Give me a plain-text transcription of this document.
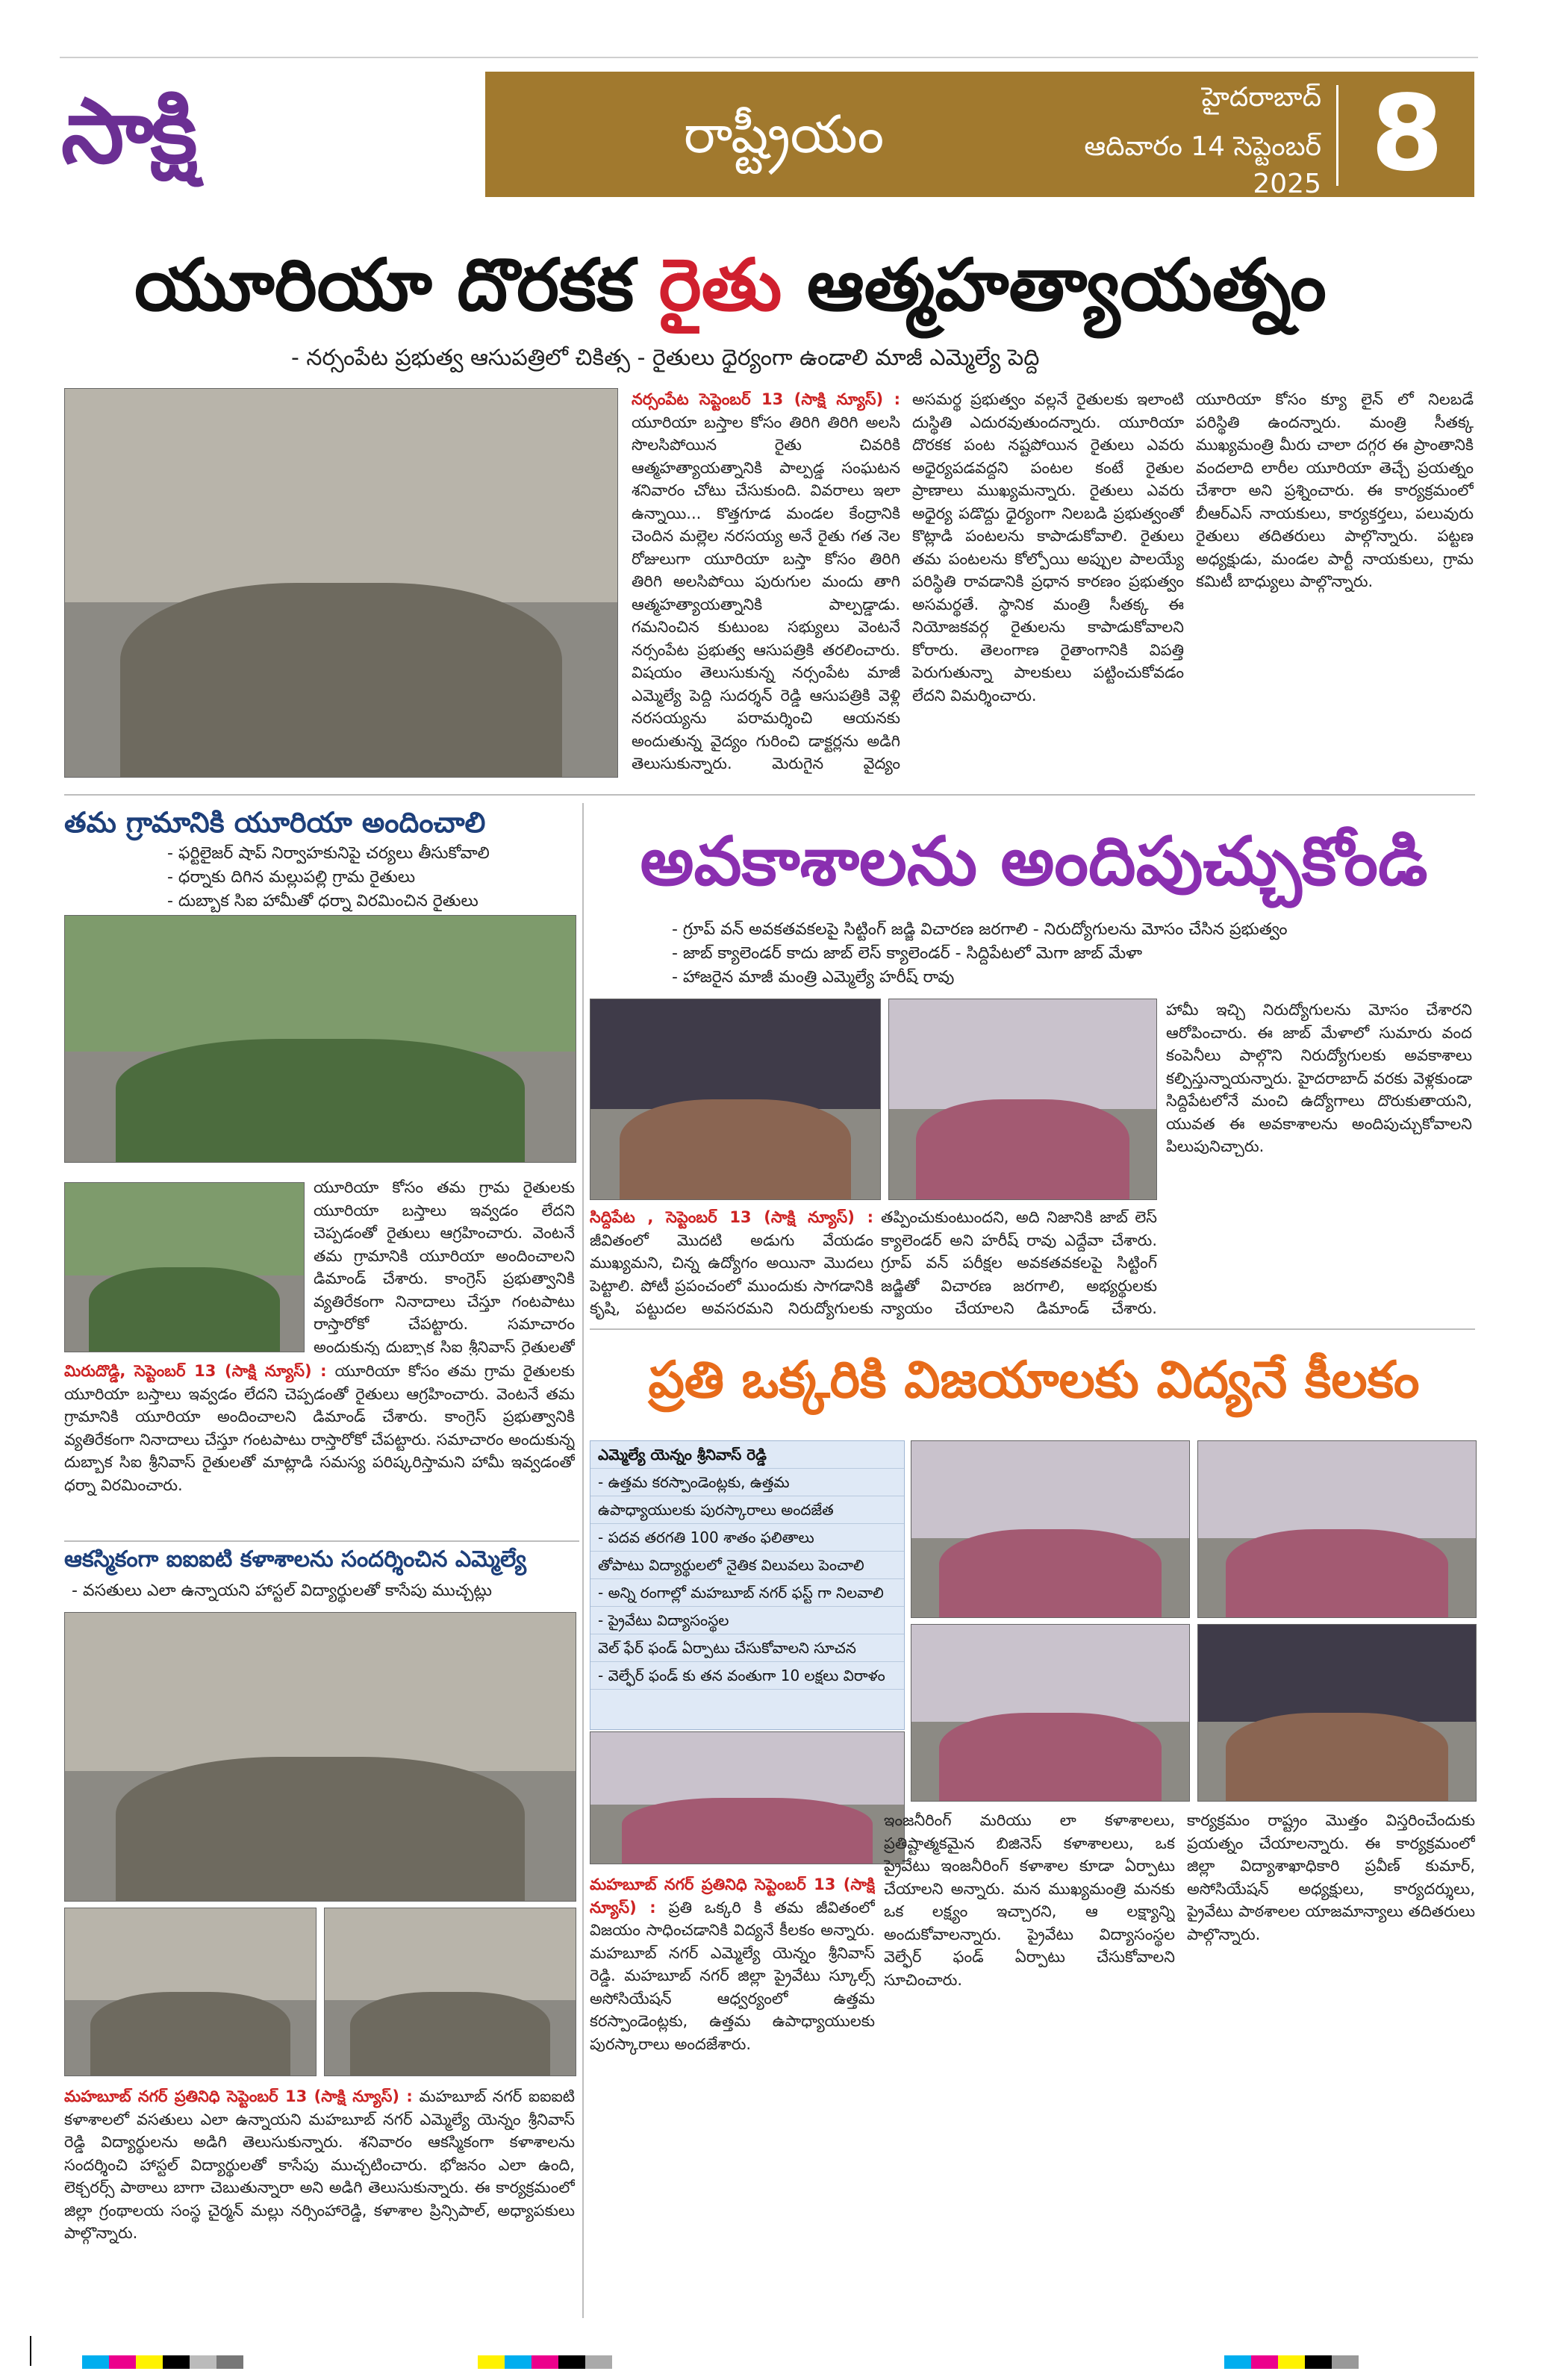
సాక్షి	రాష్ట్రీయం
హైదరాబాద్
ఆదివారం 14 సెప్టెంబర్ 2025 8
యూరియా దొరకక రైతు ఆత్మహత్యాయత్నం
- నర్సంపేట ప్రభుత్వ ఆసుపత్రిలో చికిత్స - రైతులు ధైర్యంగా ఉండాలి మాజీ ఎమ్మెల్యే పెద్ది
నర్సంపేట సెప్టెంబర్ 13 (సాక్షి న్యూస్) : యూరియా బస్తాల కోసం తిరిగి తిరిగి అలసి సొలసిపోయిన రైతు చివరికి ఆత్మహత్యాయత్నానికి పాల్పడ్డ సంఘటన శనివారం చోటు చేసుకుంది. వివరాలు ఇలా ఉన్నాయి... కొత్తగూడ మండల కేంద్రానికి చెందిన మల్లెల నరసయ్య అనే రైతు గత నెల రోజులుగా యూరియా బస్తా కోసం తిరిగి తిరిగి అలసిపోయి పురుగుల మందు తాగి ఆత్మహత్యాయత్నానికి పాల్పడ్డాడు. గమనించిన కుటుంబ సభ్యులు వెంటనే నర్సంపేట ప్రభుత్వ ఆసుపత్రికి తరలించారు. విషయం తెలుసుకున్న నర్సంపేట మాజీ ఎమ్మెల్యే పెద్ది సుదర్శన్ రెడ్డి ఆసుపత్రికి వెళ్లి నరసయ్యను పరామర్శించి ఆయనకు అందుతున్న వైద్యం గురించి డాక్టర్లను అడిగి తెలుసుకున్నారు. మెరుగైన వైద్యం
అసమర్థ ప్రభుత్వం వల్లనే రైతులకు ఇలాంటి దుస్థితి ఎదురవుతుందన్నారు. యూరియా దొరకక పంట నష్టపోయిన రైతులు ఎవరు అధైర్యపడవద్దని పంటల కంటే రైతుల ప్రాణాలు ముఖ్యమన్నారు. రైతులు ఎవరు అధైర్య పడొద్దు ధైర్యంగా నిలబడి ప్రభుత్వంతో కొట్లాడి పంటలను కాపాడుకోవాలి. రైతులు తమ పంటలను కోల్పోయి అప్పుల పాలయ్యే పరిస్థితి రావడానికి ప్రధాన కారణం ప్రభుత్వం అసమర్థతే. స్థానిక మంత్రి సీతక్క ఈ నియోజకవర్గ రైతులను కాపాడుకోవాలని కోరారు. తెలంగాణ రైతాంగానికి విపత్తి పెరుగుతున్నా పాలకులు పట్టించుకోవడం లేదని విమర్శించారు.
యూరియా కోసం క్యూ లైన్ లో నిలబడే పరిస్థితి ఉందన్నారు. మంత్రి సీతక్క ముఖ్యమంత్రి మీరు చాలా దగ్గర ఈ ప్రాంతానికి వందలాది లారీల యూరియా తెచ్చే ప్రయత్నం చేశారా అని ప్రశ్నించారు. ఈ కార్యక్రమంలో బీఆర్ఎస్ నాయకులు, కార్యకర్తలు, పలువురు రైతులు తదితరులు పాల్గొన్నారు. పట్టణ అధ్యక్షుడు, మండల పార్టీ నాయకులు, గ్రామ కమిటీ బాధ్యులు పాల్గొన్నారు.
తమ గ్రామానికి యూరియా అందించాలి
- ఫర్టిలైజర్ షాప్ నిర్వాహకునిపై చర్యలు తీసుకోవాలి
- ధర్నాకు దిగిన మల్లుపల్లి గ్రామ రైతులు
- దుబ్బాక సిఐ హామీతో ధర్నా విరమించిన రైతులు
యూరియా కోసం తమ గ్రామ రైతులకు యూరియా బస్తాలు ఇవ్వడం లేదని చెప్పడంతో రైతులు ఆగ్రహించారు. వెంటనే తమ గ్రామానికి యూరియా అందించాలని డిమాండ్ చేశారు. కాంగ్రెస్ ప్రభుత్వానికి వ్యతిరేకంగా నినాదాలు చేస్తూ గంటపాటు రాస్తారోకో చేపట్టారు. సమాచారం అందుకున్న దుబ్బాక సిఐ శ్రీనివాస్ రైతులతో
మిరుదొడ్డి, సెప్టెంబర్ 13 (సాక్షి న్యూస్) : యూరియా కోసం తమ గ్రామ రైతులకు యూరియా బస్తాలు ఇవ్వడం లేదని చెప్పడంతో రైతులు ఆగ్రహించారు. వెంటనే తమ గ్రామానికి యూరియా అందించాలని డిమాండ్ చేశారు. కాంగ్రెస్ ప్రభుత్వానికి వ్యతిరేకంగా నినాదాలు చేస్తూ గంటపాటు రాస్తారోకో చేపట్టారు. సమాచారం అందుకున్న దుబ్బాక సిఐ శ్రీనివాస్ రైతులతో మాట్లాడి సమస్య పరిష్కరిస్తామని హామీ ఇవ్వడంతో ధర్నా విరమించారు.
ఆకస్మికంగా ఐఐఐటి కళాశాలను సందర్శించిన ఎమ్మెల్యే
- వసతులు ఎలా ఉన్నాయని హాస్టల్ విద్యార్థులతో కాసేపు ముచ్చట్లు
మహబూబ్ నగర్ ప్రతినిధి సెప్టెంబర్ 13 (సాక్షి న్యూస్) : మహబూబ్ నగర్ ఐఐఐటి కళాశాలలో వసతులు ఎలా ఉన్నాయని మహబూబ్ నగర్ ఎమ్మెల్యే యెన్నం శ్రీనివాస్ రెడ్డి విద్యార్థులను అడిగి తెలుసుకున్నారు. శనివారం ఆకస్మికంగా కళాశాలను సందర్శించి హాస్టల్ విద్యార్థులతో కాసేపు ముచ్చటించారు. భోజనం ఎలా ఉంది, లెక్చరర్స్ పాఠాలు బాగా చెబుతున్నారా అని అడిగి తెలుసుకున్నారు. ఈ కార్యక్రమంలో జిల్లా గ్రంథాలయ సంస్థ చైర్మన్ మల్లు నర్సింహారెడ్డి, కళాశాల ప్రిన్సిపాల్, అధ్యాపకులు పాల్గొన్నారు.
అవకాశాలను అందిపుచ్చుకోండి
- గ్రూప్ వన్ అవకతవకలపై సిట్టింగ్ జడ్జి విచారణ జరగాలి - నిరుద్యోగులను మోసం చేసిన ప్రభుత్వం
- జాబ్ క్యాలెండర్ కాదు జాబ్ లెస్ క్యాలెండర్ - సిద్దిపేటలో మెగా జాబ్ మేళా
- హాజరైన మాజీ మంత్రి ఎమ్మెల్యే హరీష్ రావు
హామీ ఇచ్చి నిరుద్యోగులను మోసం చేశారని ఆరోపించారు. ఈ జాబ్ మేళాలో సుమారు వంద కంపెనీలు పాల్గొని నిరుద్యోగులకు అవకాశాలు కల్పిస్తున్నాయన్నారు. హైదరాబాద్ వరకు వెళ్లకుండా సిద్దిపేటలోనే మంచి ఉద్యోగాలు దొరుకుతాయని, యువత ఈ అవకాశాలను అందిపుచ్చుకోవాలని పిలుపునిచ్చారు.
సిద్దిపేట , సెప్టెంబర్ 13 (సాక్షి న్యూస్) : జీవితంలో మొదటి అడుగు వేయడం ముఖ్యమని, చిన్న ఉద్యోగం అయినా మొదలు పెట్టాలి. పోటీ ప్రపంచంలో ముందుకు సాగడానికి కృషి, పట్టుదల అవసరమని నిరుద్యోగులకు
తప్పించుకుంటుందని, అది నిజానికి జాబ్ లెస్ క్యాలెండర్ అని హరీష్ రావు ఎద్దేవా చేశారు. గ్రూప్ వన్ పరీక్షల అవకతవకలపై సిట్టింగ్ జడ్జితో విచారణ జరగాలి, అభ్యర్థులకు న్యాయం చేయాలని డిమాండ్ చేశారు.
ప్రతి ఒక్కరికి విజయాలకు విద్యనే కీలకం
ఎమ్మెల్యే యెన్నం శ్రీనివాస్ రెడ్డి
- ఉత్తమ కరస్పాండెంట్లకు, ఉత్తమ
ఉపాధ్యాయులకు పురస్కారాలు అందజేత
- పదవ తరగతి 100 శాతం ఫలితాలు
తోపాటు విద్యార్థులలో నైతిక విలువలు పెంచాలి
- అన్ని రంగాల్లో మహబూబ్ నగర్ ఫస్ట్ గా నిలవాలి
- ప్రైవేటు విద్యాసంస్థల
వెల్ ఫేర్ ఫండ్ ఏర్పాటు చేసుకోవాలని సూచన
- వెల్ఫేర్ ఫండ్ కు తన వంతుగా 10 లక్షలు విరాళం
మహబూబ్ నగర్ ప్రతినిధి సెప్టెంబర్ 13 (సాక్షి న్యూస్) : ప్రతి ఒక్కరి కి తమ జీవితంలో విజయం సాధించడానికి విద్యనే కీలకం అన్నారు. మహబూబ్ నగర్ ఎమ్మెల్యే యెన్నం శ్రీనివాస్ రెడ్డి. మహబూబ్ నగర్ జిల్లా ప్రైవేటు స్కూల్స్ అసోసియేషన్ ఆధ్వర్యంలో ఉత్తమ కరస్పాండెంట్లకు, ఉత్తమ ఉపాధ్యాయులకు పురస్కారాలు అందజేశారు.
ఇంజనీరింగ్ మరియు లా కళాశాలలు, ప్రతిష్టాత్మకమైన బిజినెస్ కళాశాలలు, ఒక ప్రైవేటు ఇంజనీరింగ్ కళాశాల కూడా ఏర్పాటు చేయాలని అన్నారు. మన ముఖ్యమంత్రి మనకు ఒక లక్ష్యం ఇచ్చారని, ఆ లక్ష్యాన్ని అందుకోవాలన్నారు. ప్రైవేటు విద్యాసంస్థల వెల్ఫేర్ ఫండ్ ఏర్పాటు చేసుకోవాలని సూచించారు.
కార్యక్రమం రాష్ట్రం మొత్తం విస్తరించేందుకు ప్రయత్నం చేయాలన్నారు. ఈ కార్యక్రమంలో జిల్లా విద్యాశాఖాధికారి ప్రవీణ్ కుమార్, అసోసియేషన్ అధ్యక్షులు, కార్యదర్శులు, ప్రైవేటు పాఠశాలల యాజమాన్యాలు తదితరులు పాల్గొన్నారు.
